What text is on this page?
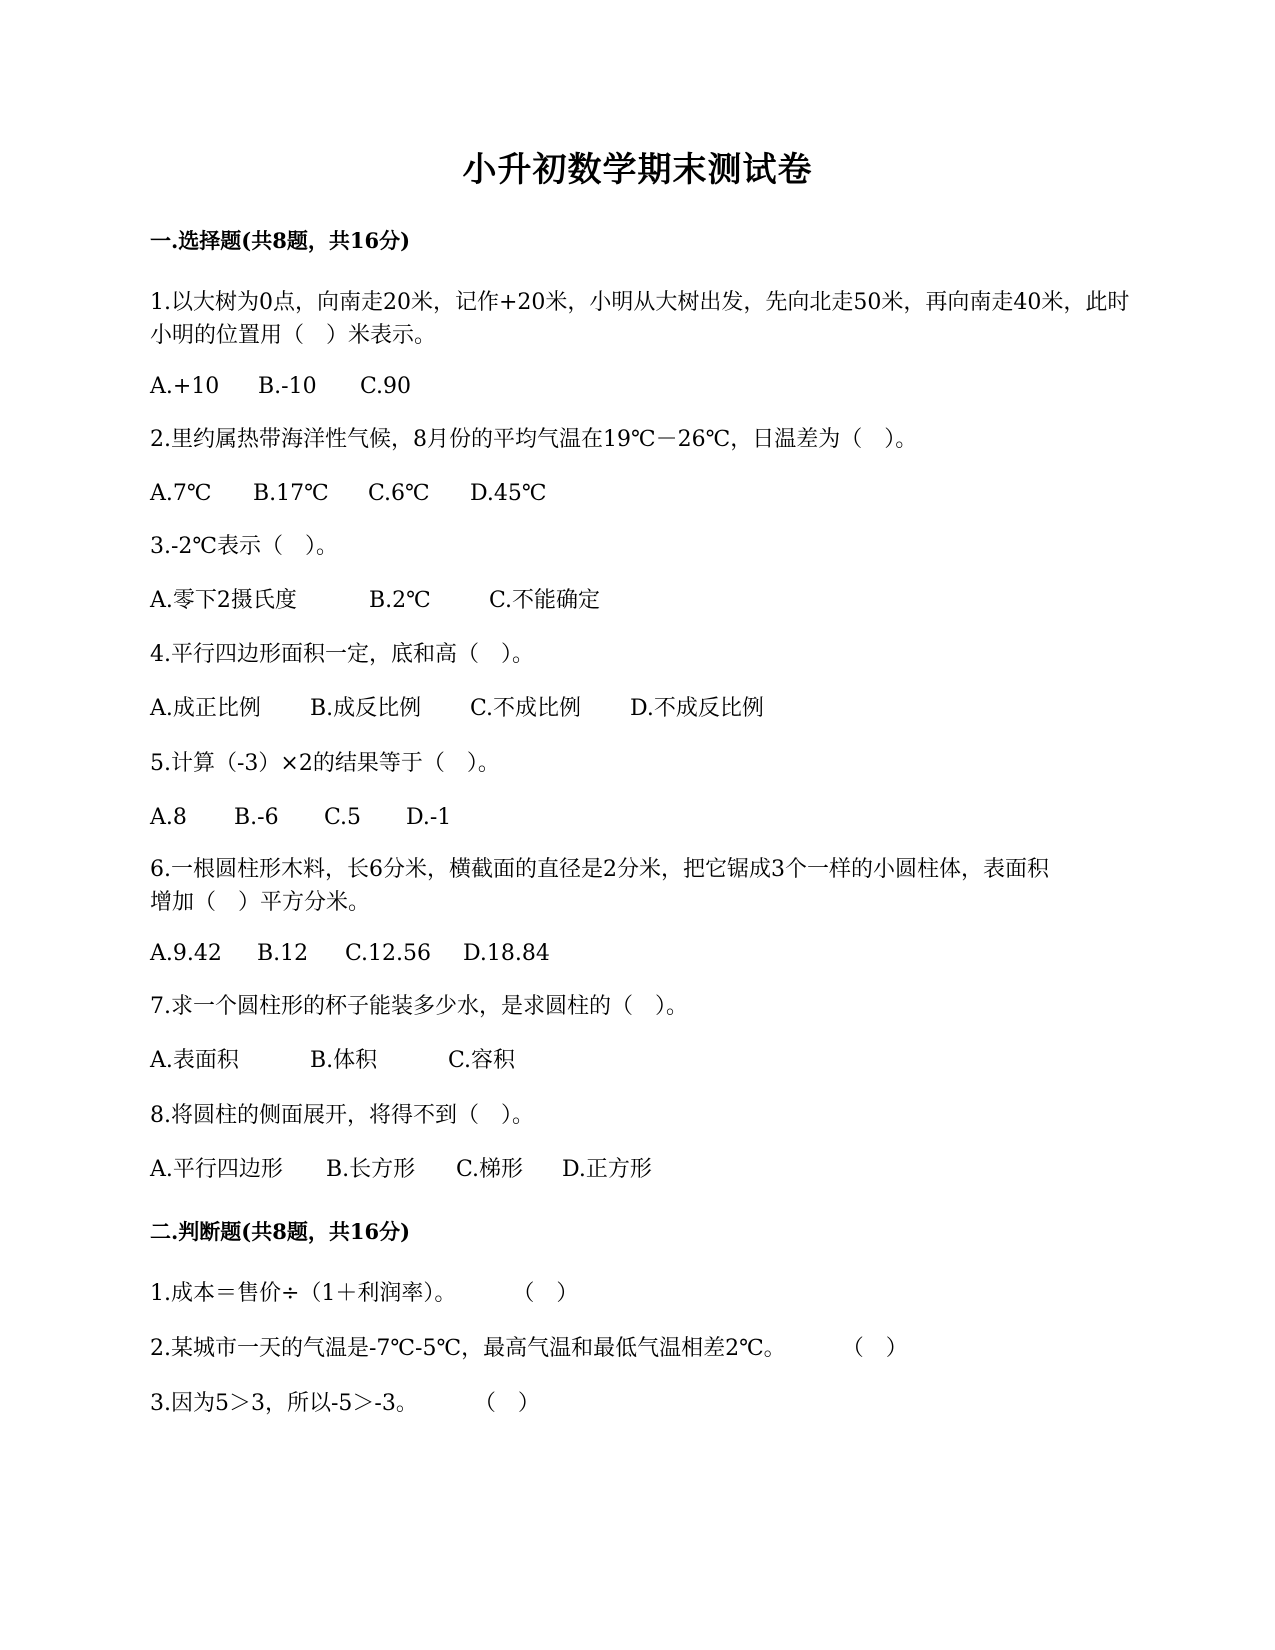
小升初数学期末测试卷
一.选择题(共8题，共16分)
1.以大树为0点，向南走20米，记作+20米，小明从大树出发，先向北走50米，再向南走40米，此时小明的位置用（　）米表示。
A.+10 B.-10 C.90
2.里约属热带海洋性气候，8月份的平均气温在19℃－26℃，日温差为（　）。
A.7℃ B.17℃ C.6℃ D.45℃
3.-2℃表示（　）。
A.零下2摄氏度	B.2℃	C.不能确定
4.平行四边形面积一定，底和高（　）。
A.成正比例 B.成反比例 C.不成比例 D.不成反比例
5.计算（-3）×2的结果等于（　）。
A.8 B.-6 C.5 D.-1
6.一根圆柱形木料，长6分米，横截面的直径是2分米，把它锯成3个一样的小圆柱体，表面积增加（　）平方分米。
A.9.42 B.12 C.12.56 D.18.84
7.求一个圆柱形的杯子能装多少水，是求圆柱的（　）。
A.表面积	B.体积	C.容积
8.将圆柱的侧面展开，将得不到（　）。
A.平行四边形 B.长方形 C.梯形 D.正方形
二.判断题(共8题，共16分)
1.成本＝售价÷（1＋利润率）。	（　）
2.某城市一天的气温是-7℃-5℃，最高气温和最低气温相差2℃。	（　）
3.因为5＞3，所以-5＞-3。	（　）
